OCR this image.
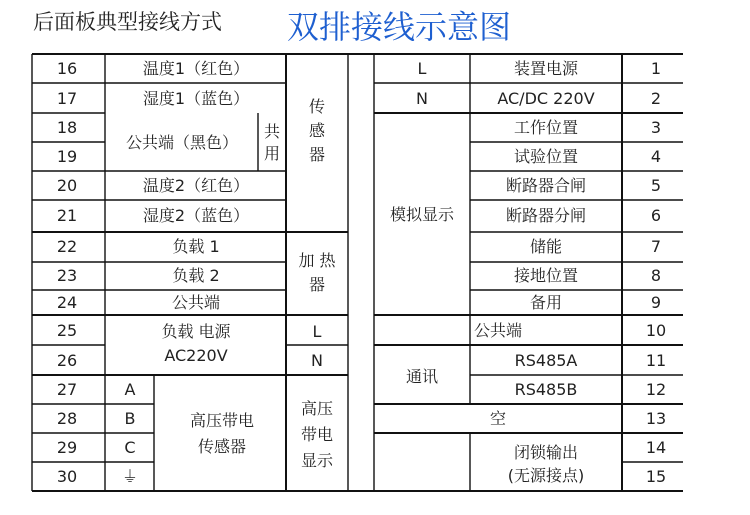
后面板典型接线方式 双排接线示意图
16
17
18
19
20
21
22
23
24
25
26
27
28
29
30
温度1（红色）
湿度1（蓝色）
公共端（黑色）
共
用
温度2（红色）
湿度2（蓝色）
传
感
器
负载 1
负载 2
公共端
加 热
器
负载 电源
AC220V
L
N
A
B
C
⏚
高压带电
传感器
高压
带电
显示
L
N
模拟显示
通讯
装置电源
AC/DC 220V
工作位置
试验位置
断路器合闸
断路器分闸
储能
接地位置
备用
公共端
RS485A
RS485B
空
闭锁输出
(无源接点)
1
2
3
4
5
6
7
8
9
10
11
12
13
14
15
